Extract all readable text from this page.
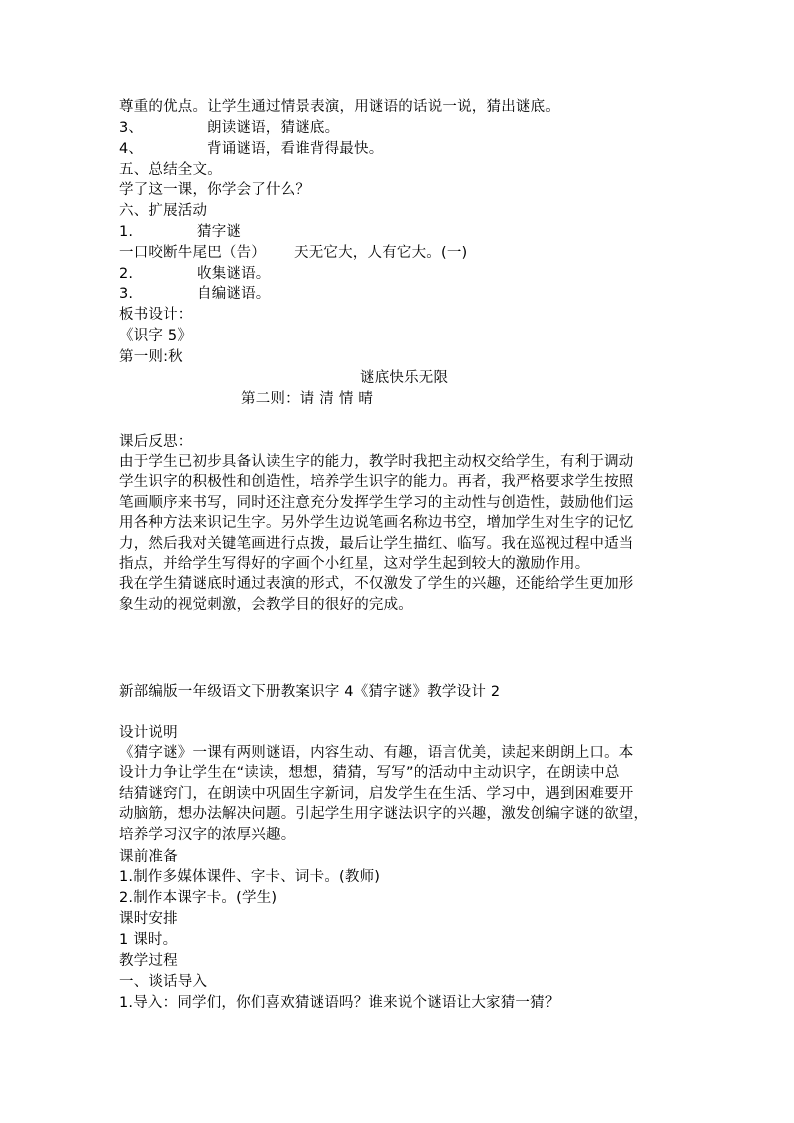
尊重的优点。让学生通过情景表演，用谜语的话说一说，猜出谜底。
3、	朗读谜语，猜谜底。
4、	背诵谜语，看谁背得最快。
五、总结全文。
学了这一课，你学会了什么？
六、扩展活动
1.	猜字谜
一口咬断牛尾巴（告） 天无它大，人有它大。(一)
2.	收集谜语。
3.	自编谜语。
板书设计：
《识字 5》
第一则:秋
谜底快乐无限
第二则：请 清 情 晴
课后反思：
由于学生已初步具备认读生字的能力，教学时我把主动权交给学生，有利于调动
学生识字的积极性和创造性，培养学生识字的能力。再者，我严格要求学生按照
笔画顺序来书写，同时还注意充分发挥学生学习的主动性与创造性，鼓励他们运
用各种方法来识记生字。另外学生边说笔画名称边书空，增加学生对生字的记忆
力，然后我对关键笔画进行点拨，最后让学生描红、临写。我在巡视过程中适当
指点，并给学生写得好的字画个小红星，这对学生起到较大的激励作用。
我在学生猜谜底时通过表演的形式，不仅激发了学生的兴趣，还能给学生更加形
象生动的视觉刺激，会教学目的很好的完成。
新部编版一年级语文下册教案识字 4《猜字谜》教学设计 2
设计说明
《猜字谜》一课有两则谜语，内容生动、有趣，语言优美，读起来朗朗上口。本
设计力争让学生在“读读，想想，猜猜，写写”的活动中主动识字，在朗读中总
结猜谜窍门，在朗读中巩固生字新词，启发学生在生活、学习中，遇到困难要开
动脑筋，想办法解决问题。引起学生用字谜法识字的兴趣，激发创编字谜的欲望，
培养学习汉字的浓厚兴趣。
课前准备
1.制作多媒体课件、字卡、词卡。(教师)
2.制作本课字卡。(学生)
课时安排
1 课时。
教学过程
一、谈话导入
1.导入：同学们，你们喜欢猜谜语吗？谁来说个谜语让大家猜一猜？
